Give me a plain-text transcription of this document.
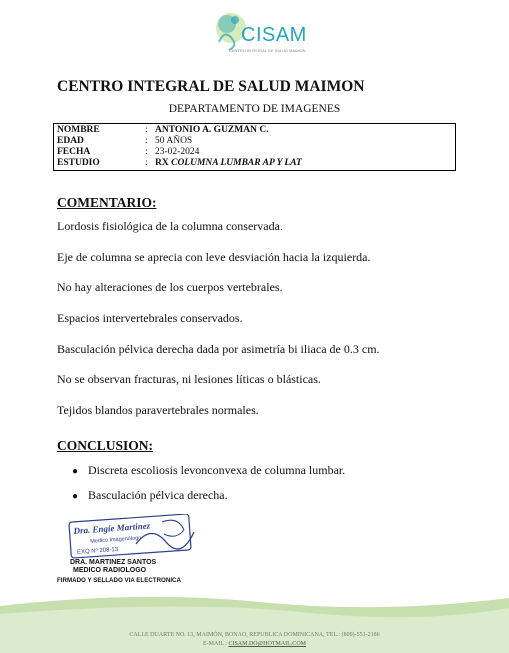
CISAM
CENTRO INTEGRAL DE SALUD MAIMON
CENTRO INTEGRAL DE SALUD MAIMON
DEPARTAMENTO DE IMAGENES
NOMBRE	: ANTONIO A. GUZMAN C.
EDAD	: 50 AÑOS
FECHA	: 23-02-2024
ESTUDIO	: RX
COLUMNA LUMBAR AP Y LAT
COMENTARIO:
Lordosis fisiológica de la columna conservada.
Eje de columna se aprecia con leve desviación hacia la izquierda.
No hay alteraciones de los cuerpos vertebrales.
Espacios intervertebrales conservados.
Basculación pélvica derecha dada por asimetría bi iliaca de 0.3 cm.
No se observan fracturas, ni lesiones líticas o blásticas.
Tejidos blandos paravertebrales normales.
CONCLUSION:
● Discreta escoliosis levonconvexa de columna lumbar.
● Basculación pélvica derecha.
Dra. Engie Martinez
Medico Imagenólogo
EXQ Nº 208-13
DRA. MARTINEZ SANTOS
MEDICO RADIOLOGO
FIRMADO Y SELLADO VIA ELECTRONICA
CALLE DUARTE NO. 13, MAIMÓN, BONAO, REPUBLICA DOMINICANA, TEL.: (809)-551-2186
E-MAIL : CISAM.DO@HOTMAIL.COM
